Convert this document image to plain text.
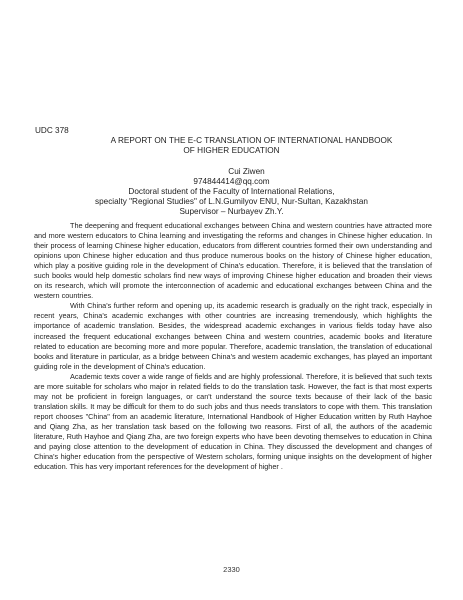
UDC 378
A REPORT ON THE E-C TRANSLATION OF INTERNATIONAL HANDBOOK
OF HIGHER EDUCATION
Cui Ziwen
974844414@qq.com
Doctoral student of the Faculty of International Relations,
specialty "Regional Studies" of L.N.Gumilyov ENU, Nur-Sultan, Kazakhstan
Supervisor – Nurbayev Zh.Y.

The deepening and frequent educational exchanges between China and western countries have attracted more and more western educators to China learning and investigating the reforms and changes in Chinese higher education. In their process of learning Chinese higher education, educators from different countries formed their own understanding and opinions upon Chinese higher education and thus produce numerous books on the history of Chinese higher education, which play a positive guiding role in the development of China's education. Therefore, it is believed that the translation of such books would help domestic scholars find new ways of improving Chinese higher education and broaden their views on its research, which will promote the interconnection of academic and educational exchanges between China and the western countries.

With China's further reform and opening up, its academic research is gradually on the right track, especially in recent years, China's academic exchanges with other countries are increasing tremendously, which highlights the importance of academic translation. Besides, the widespread academic exchanges in various fields today have also increased the frequent educational exchanges between China and western countries, academic books and literature related to education are becoming more and more popular. Therefore, academic translation, the translation of educational books and literature in particular, as a bridge between China's and western academic exchanges, has played an important guiding role in the development of China's education.

Academic texts cover a wide range of fields and are highly professional. Therefore, it is believed that such texts are more suitable for scholars who major in related fields to do the translation task. However, the fact is that most experts may not be proficient in foreign languages, or can't understand the source texts because of their lack of the basic translation skills. It may be difficult for them to do such jobs and thus needs translators to cope with them. This translation report chooses "China" from an academic literature, International Handbook of Higher Education written by Ruth Hayhoe and Qiang Zha, as her translation task based on the following two reasons. First of all, the authors of the academic literature, Ruth Hayhoe and Qiang Zha, are two foreign experts who have been devoting themselves to education in China and paying close attention to the development of education in China. They discussed the development and changes of China's higher education from the perspective of Western scholars, forming unique insights on the development of higher education. This has very important references for the development of higher .

2330
